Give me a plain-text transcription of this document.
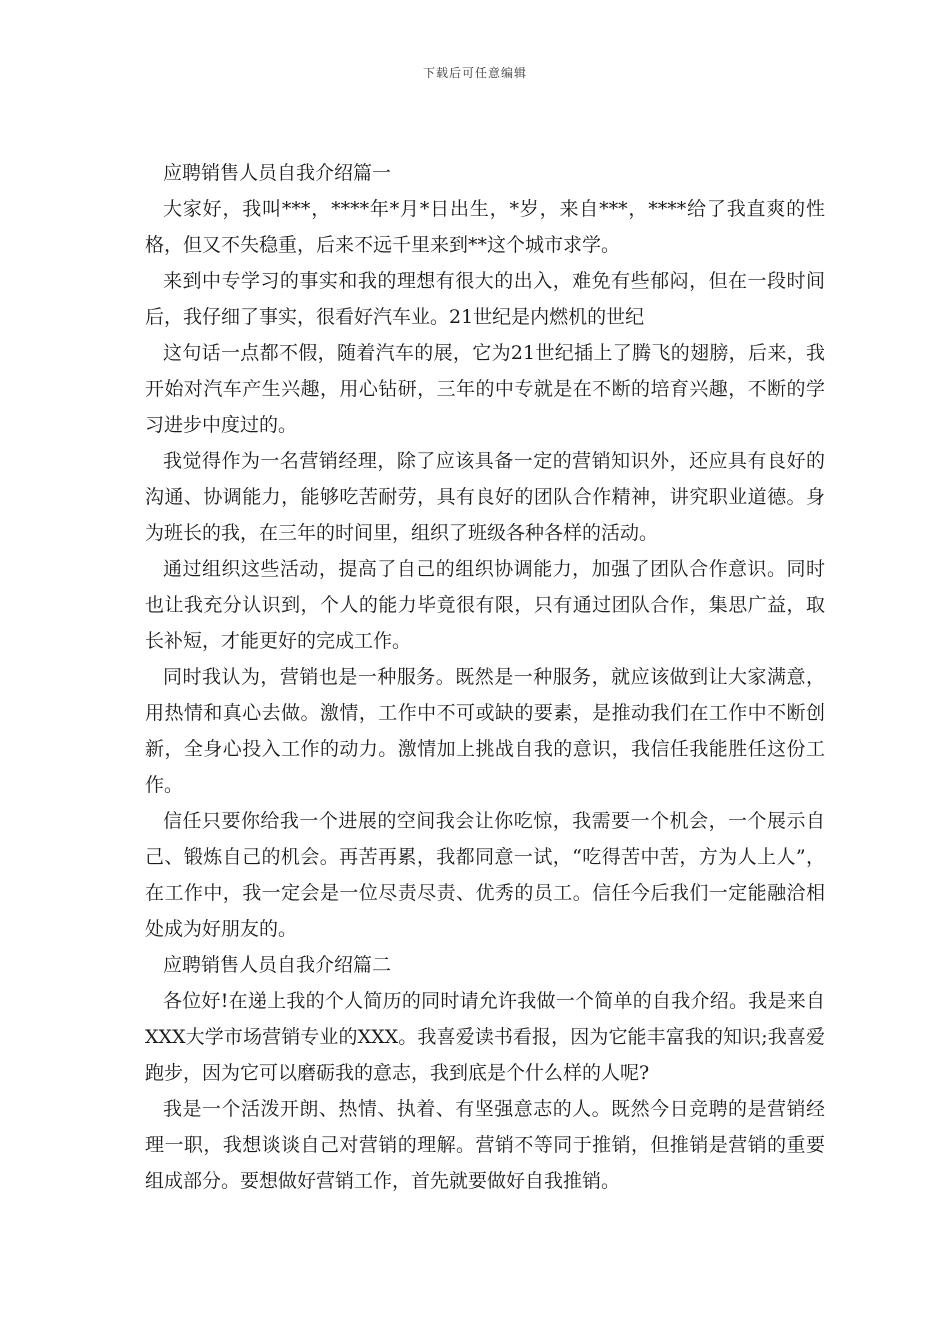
下载后可任意编辑
应聘销售人员自我介绍篇一

大家好，我叫***，****年*月*日出生，*岁，来自***，****给了我直爽的性格，但又不失稳重，后来不远千里来到**这个城市求学。

来到中专学习的事实和我的理想有很大的出入，难免有些郁闷，但在一段时间后，我仔细了事实，很看好汽车业。21世纪是内燃机的世纪

这句话一点都不假，随着汽车的展，它为21世纪插上了腾飞的翅膀，后来，我开始对汽车产生兴趣，用心钻研，三年的中专就是在不断的培育兴趣，不断的学习进步中度过的。

我觉得作为一名营销经理，除了应该具备一定的营销知识外，还应具有良好的沟通、协调能力，能够吃苦耐劳，具有良好的团队合作精神，讲究职业道德。身为班长的我，在三年的时间里，组织了班级各种各样的活动。

通过组织这些活动，提高了自己的组织协调能力，加强了团队合作意识。同时也让我充分认识到，个人的能力毕竟很有限，只有通过团队合作，集思广益，取长补短，才能更好的完成工作。

同时我认为，营销也是一种服务。既然是一种服务，就应该做到让大家满意，用热情和真心去做。激情，工作中不可或缺的要素，是推动我们在工作中不断创新，全身心投入工作的动力。激情加上挑战自我的意识，我信任我能胜任这份工作。

信任只要你给我一个进展的空间我会让你吃惊，我需要一个机会，一个展示自己、锻炼自己的机会。再苦再累，我都同意一试，“吃得苦中苦，方为人上人”，在工作中，我一定会是一位尽责尽责、优秀的员工。信任今后我们一定能融洽相处成为好朋友的。

应聘销售人员自我介绍篇二

各位好!在递上我的个人简历的同时请允许我做一个简单的自我介绍。我是来自XXX大学市场营销专业的XXX。我喜爱读书看报，因为它能丰富我的知识;我喜爱跑步，因为它可以磨砺我的意志，我到底是个什么样的人呢?

我是一个活泼开朗、热情、执着、有坚强意志的人。既然今日竞聘的是营销经理一职，我想谈谈自己对营销的理解。营销不等同于推销，但推销是营销的重要组成部分。要想做好营销工作，首先就要做好自我推销。
